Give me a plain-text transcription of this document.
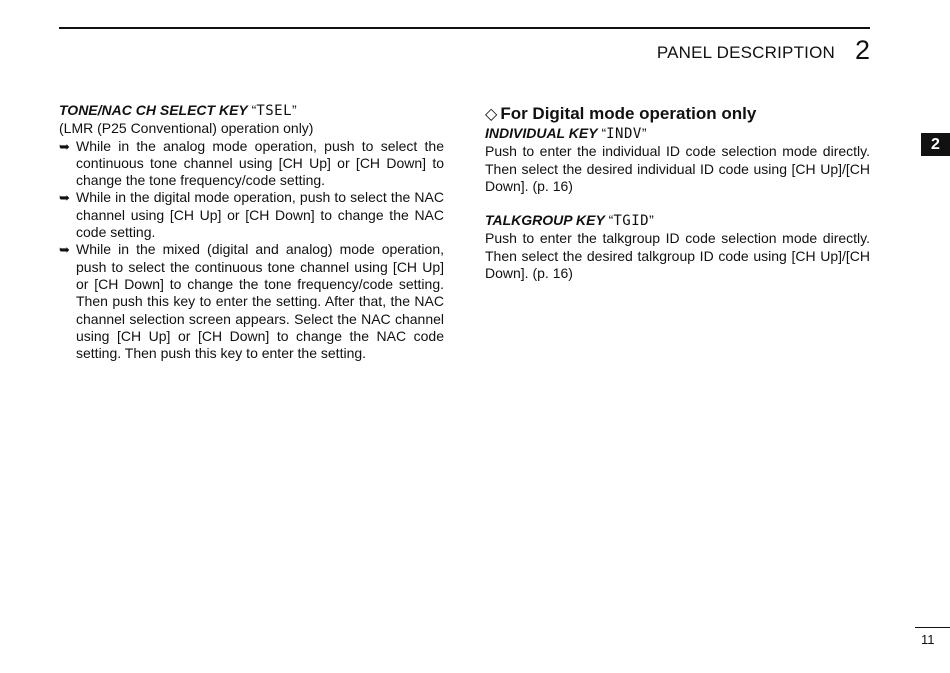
PANEL DESCRIPTION 2
2
TONE/NAC CH SELECT KEY “TSEL”

(LMR (P25 Conventional) operation only)

➥ While in the analog mode operation, push to select the continuous tone channel using [CH Up] or [CH Down] to change the tone frequency/code setting.
➥ While in the digital mode operation, push to select the NAC channel using [CH Up] or [CH Down] to change the NAC code setting.
➥ While in the mixed (digital and analog) mode operation, push to select the continuous tone channel using [CH Up] or [CH Down] to change the tone frequency/code setting. Then push this key to enter the setting. After that, the NAC channel selection screen appears. Select the NAC channel using [CH Up] or [CH Down] to change the NAC code setting. Then push this key to enter the setting.
◇ For Digital mode operation only
INDIVIDUAL KEY “INDV”

Push to enter the individual ID code selection mode directly. Then select the desired individual ID code using [CH Up]/[CH Down]. (p. 16)

TALKGROUP KEY “TGID”

Push to enter the talkgroup ID code selection mode directly. Then select the desired talkgroup ID code using [CH Up]/[CH Down]. (p. 16)

11
